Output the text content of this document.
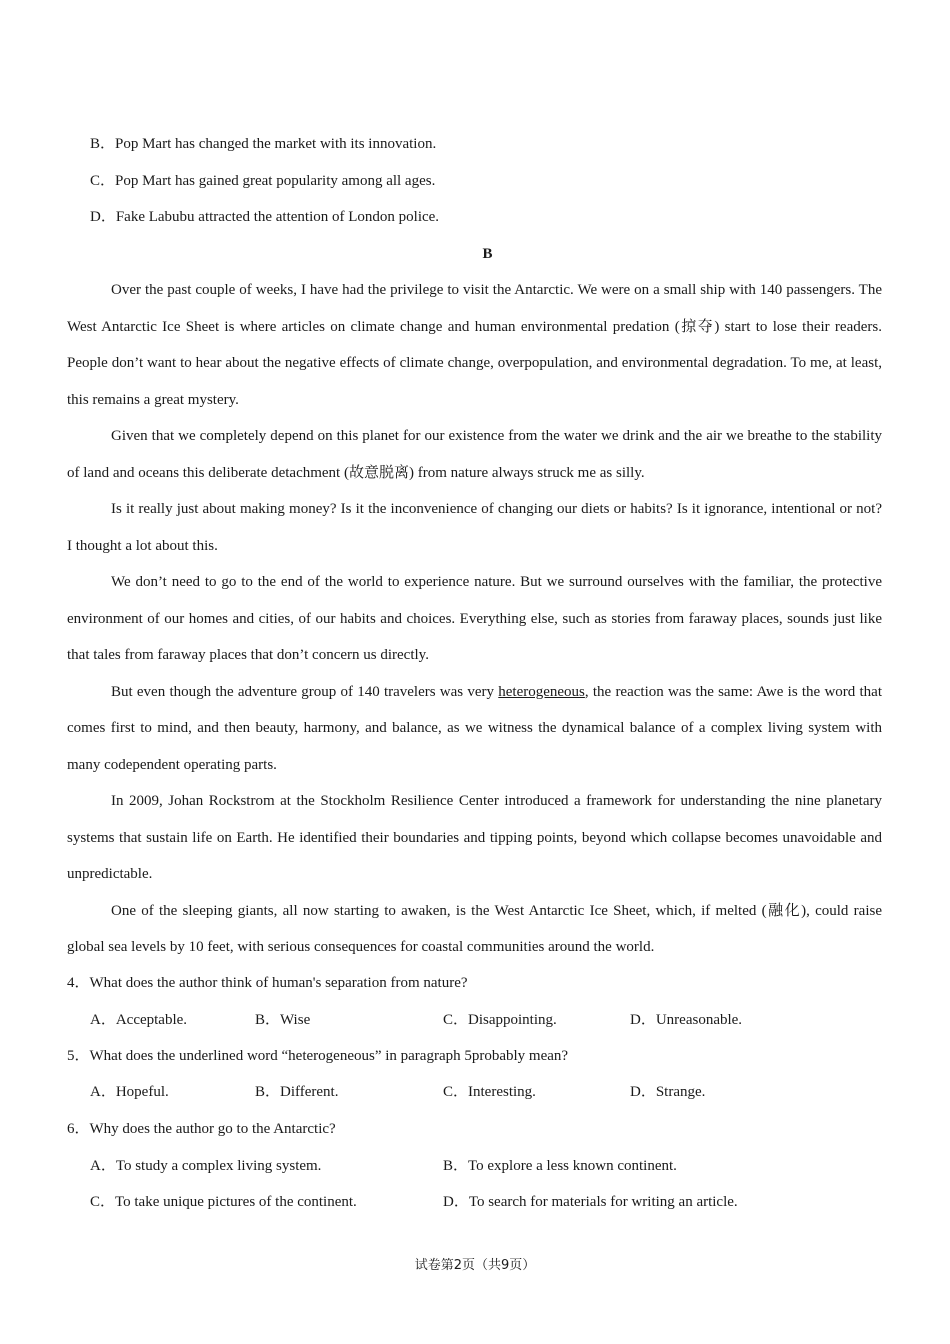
B．Pop Mart has changed the market with its innovation.
C．Pop Mart has gained great popularity among all ages.
D．Fake Labubu attracted the attention of London police.
B

Over the past couple of weeks, I have had the privilege to visit the Antarctic. We were on a small ship with 140 passengers. The West Antarctic Ice Sheet is where articles on climate change and human environmental predation (掠夺) start to lose their readers. People don’t want to hear about the negative effects of climate change, overpopulation, and environmental degradation. To me, at least, this remains a great mystery.

Given that we completely depend on this planet for our existence from the water we drink and the air we breathe to the stability of land and oceans this deliberate detachment (故意脱离) from nature always struck me as silly.

Is it really just about making money? Is it the inconvenience of changing our diets or habits? Is it ignorance, intentional or not? I thought a lot about this.

We don’t need to go to the end of the world to experience nature. But we surround ourselves with the familiar, the protective environment of our homes and cities, of our habits and choices. Everything else, such as stories from faraway places, sounds just like that tales from faraway places that don’t concern us directly.

But even though the adventure group of 140 travelers was very heterogeneous, the reaction was the same: Awe is the word that comes first to mind, and then beauty, harmony, and balance, as we witness the dynamical balance of a complex living system with many codependent operating parts.

In 2009, Johan Rockstrom at the Stockholm Resilience Center introduced a framework for understanding the nine planetary systems that sustain life on Earth. He identified their boundaries and tipping points, beyond which collapse becomes unavoidable and unpredictable.

One of the sleeping giants, all now starting to awaken, is the West Antarctic Ice Sheet, which, if melted (融化), could raise global sea levels by 10 feet, with serious consequences for coastal communities around the world.

4．What does the author think of human's separation from nature?
A．Acceptable.	B．Wise	C．Disappointing.	D．Unreasonable.
5．What does the underlined word “heterogeneous” in paragraph 5probably mean?
A．Hopeful.	B．Different.	C．Interesting.	D．Strange.
6．Why does the author go to the Antarctic?
A．To study a complex living system.	B．To explore a less known continent.
C．To take unique pictures of the continent.	D．To search for materials for writing an article.
试卷第2页（共9页）
